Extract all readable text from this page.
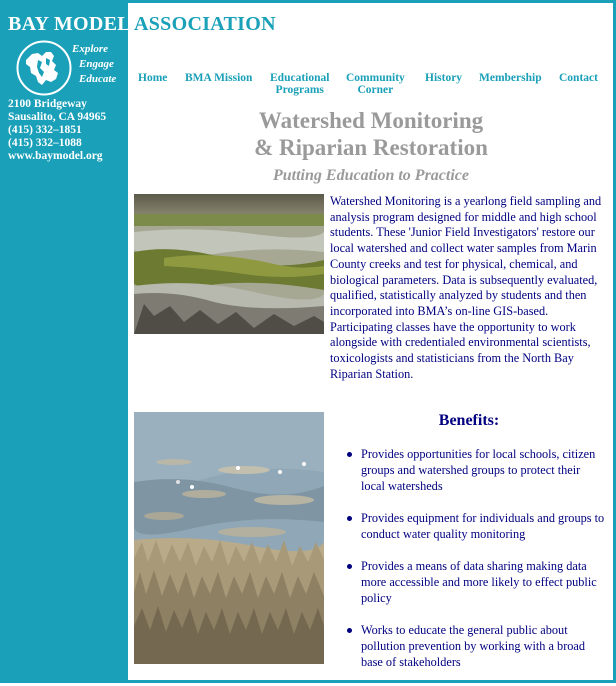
BAY MODEL ASSOCIATION
Explore
Engage
Educate
2100 Bridgeway
Sausalito, CA 94965
(415) 332–1851
(415) 332–1088
www.baymodel.org
Home BMA Mission Educational
Programs
Community
Corner
History Membership Contact
Watershed Monitoring
& Riparian Restoration
Putting Education to Practice
Watershed Monitoring is a yearlong field sampling and analysis program designed for middle and high school students. These 'Junior Field Investigators' restore our local watershed and collect water samples from Marin County creeks and test for physical, chemical, and biological parameters. Data is subsequently evaluated, qualified, statistically analyzed by students and then incorporated into BMA’s on-line GIS-based. Participating classes have the opportunity to work alongside with credentialed environmental scientists, toxicologists and statisticians from the North Bay Riparian Station.
Benefits:
Provides opportunities for local schools, citizen groups and watershed groups to protect their local watersheds
Provides equipment for individuals and groups to conduct water quality monitoring
Provides a means of data sharing making data more accessible and more likely to effect public policy
Works to educate the general public about pollution prevention by working with a broad base of stakeholders
